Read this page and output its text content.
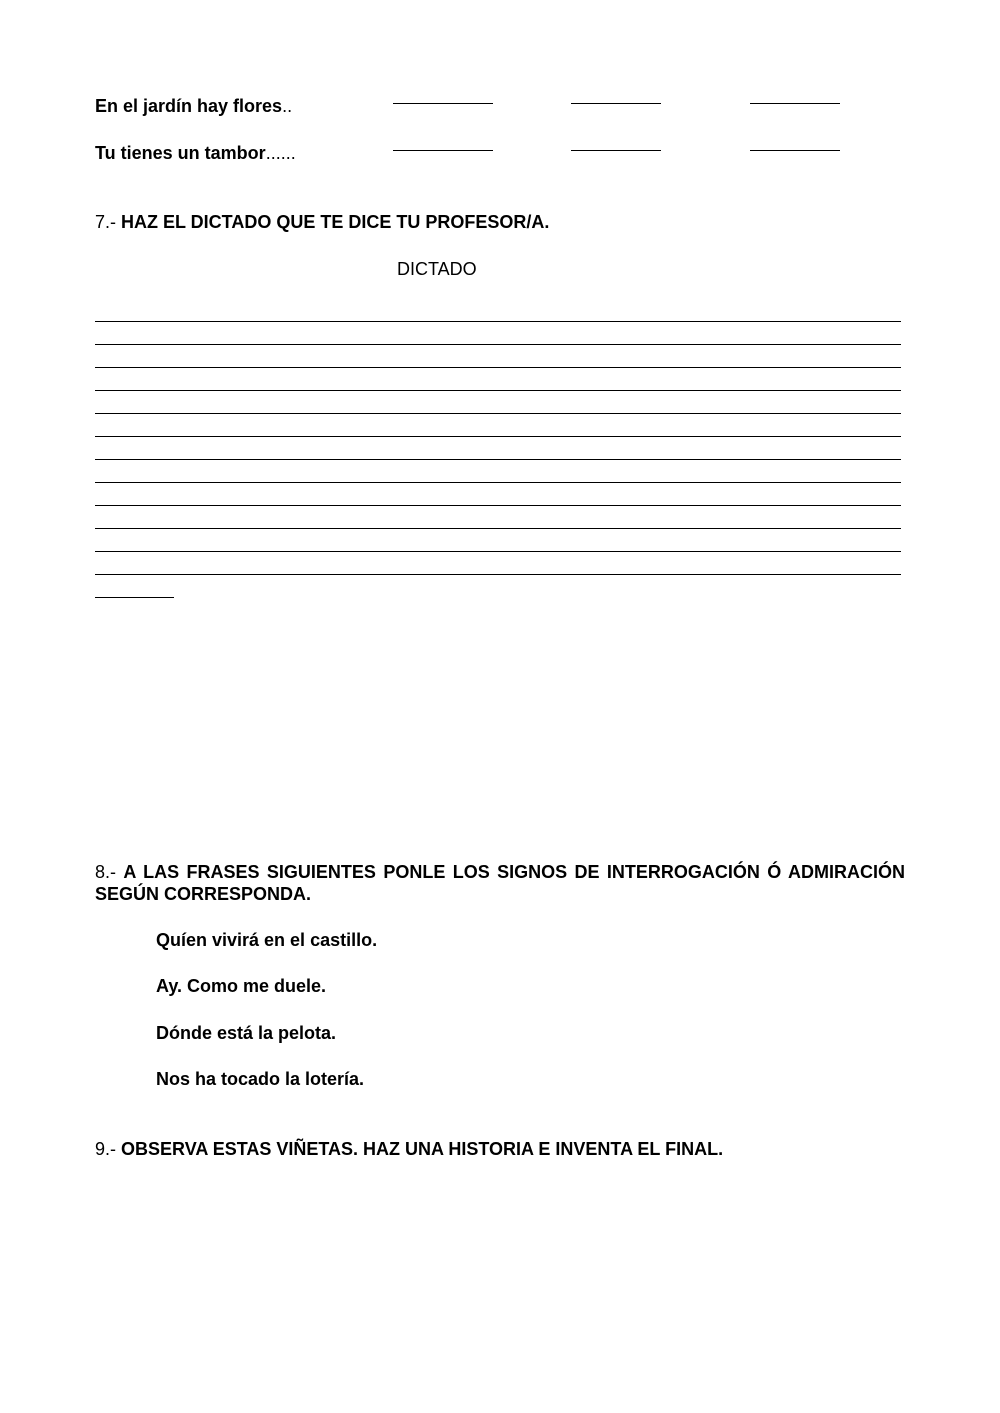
En el jardín hay flores..
Tu tienes un tambor......
7.- HAZ EL DICTADO QUE TE DICE TU PROFESOR/A.
DICTADO
8.- A LAS FRASES SIGUIENTES PONLE LOS SIGNOS DE INTERROGACIÓN Ó ADMIRACIÓN SEGÚN CORRESPONDA.
Quíen vivirá en el castillo.
Ay. Como me duele.
Dónde está la pelota.
Nos ha tocado la lotería.
9.- OBSERVA ESTAS VIÑETAS. HAZ UNA HISTORIA E INVENTA EL FINAL.
